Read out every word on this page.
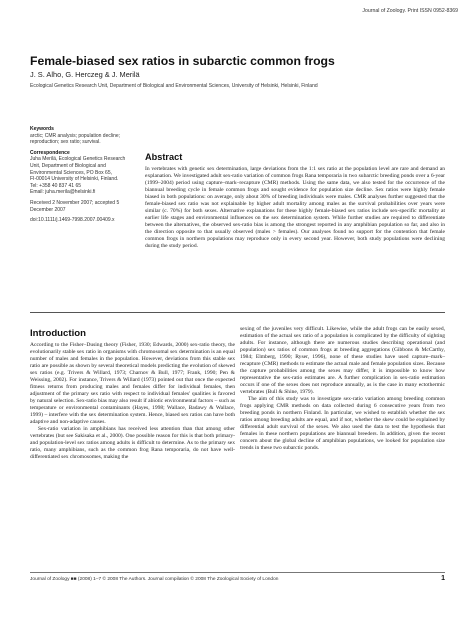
Journal of Zoology. Print ISSN 0952-8369
Female-biased sex ratios in subarctic common frogs
J. S. Alho, G. Herczeg & J. Merilä
Ecological Genetics Research Unit, Department of Biological and Environmental Sciences, University of Helsinki, Helsinki, Finland
Keywords
arctic; CMR analysis; population decline; reproduction; sex ratio; survival.
Correspondence
Juha Merilä, Ecological Genetics Research
Unit, Department of Biological and
Environmental Sciences, PO Box 65,
FI-00014 University of Helsinki, Finland.
Tel: +358 40 837 41 65
Email: juha.merila@helsinki.fi
Received 2 November 2007; accepted 5 December 2007
doi:10.1111/j.1469-7998.2007.00409.x
Abstract
In vertebrates with genetic sex determination, large deviations from the 1:1 sex ratio at the population level are rare and demand an explanation. We investigated adult sex-ratio variation of common frogs Rana temporaria in two subarctic breeding ponds over a 6-year (1999–2004) period using capture–mark–recapture (CMR) methods. Using the same data, we also tested for the occurrence of the biannual breeding cycle in female common frogs and sought evidence for population size decline. Sex ratios were highly female biased in both populations: on average, only about 30% of breeding individuals were males. CMR analyses further suggested that the female-biased sex ratio was not explainable by higher adult mortality among males as the survival probabilities over years were similar (c. 70%) for both sexes. Alternative explanations for these highly female-biased sex ratios include sex-specific mortality at earlier life stages and environmental influences on the sex determination system. While further studies are required to differentiate between the alternatives, the observed sex-ratio bias is among the strongest reported in any amphibian population so far, and also in the direction opposite to that usually observed (males > females). Our analyses found no support for the contention that female common frogs in northern populations may reproduce only in every second year. However, both study populations were declining during the study period.
Introduction

According to the Fisher–Dusing theory (Fisher, 1930; Edwards, 2000) sex-ratio theory, the evolutionarily stable sex ratio in organisms with chromosomal sex determination is an equal number of males and females in the population. However, deviations from this stable sex ratio are possible as shown by several theoretical models predicting the evolution of skewed sex ratios (e.g. Trivers & Willard, 1973; Charnov & Bull, 1977; Frank, 1990; Pen & Weissing, 2002). For instance, Trivers & Willard (1973) pointed out that once the expected fitness returns from producing males and females differ for individual females, then adjustment of the primary sex ratio with respect to individual females' qualities is favored by natural selection. Sex-ratio bias may also result if abiotic environmental factors – such as temperature or environmental contaminants (Hayes, 1998; Wallace, Badawy & Wallace, 1999) – interfere with the sex determination system. Hence, biased sex ratios can have both adaptive and non-adaptive causes.

Sex-ratio variation in amphibians has received less attention than that among other vertebrates (but see Sakisaka et al., 2000). One possible reason for this is that both primary- and population-level sex ratios among adults is difficult to determine. As to the primary sex ratio, many amphibians, such as the common frog Rana temporaria, do not have well-differentiated sex chromosomes, making the

sexing of the juveniles very difficult. Likewise, while the adult frogs can be easily sexed, estimation of the actual sex ratio of a population is complicated by the difficulty of sighting adults. For instance, although there are numerous studies describing operational (and population) sex ratios of common frogs at breeding aggregations (Gibbons & McCarthy, 1984; Elmberg, 1990; Ryser, 1996), none of these studies have used capture–mark–recapture (CMR) methods to estimate the actual male and female population sizes. Because the capture probabilities among the sexes may differ, it is impossible to know how representative the sex-ratio estimates are. A further complication in sex-ratio estimation occurs if one of the sexes does not reproduce annually, as is the case in many ectothermic vertebrates (Bull & Shine, 1979).

The aim of this study was to investigate sex-ratio variation among breeding common frogs applying CMR methods on data collected during 6 consecutive years from two breeding ponds in northern Finland. In particular, we wished to establish whether the sex ratios among breeding adults are equal, and if not, whether the skew could be explained by differential adult survival of the sexes. We also used the data to test the hypothesis that females in these northern populations are biannual breeders. In addition, given the recent concern about the global decline of amphibian populations, we looked for population size trends in these two subarctic ponds.

Journal of Zoology ■■ (2008) 1–7 © 2008 The Authors. Journal compilation © 2008 The Zoological Society of London	1
